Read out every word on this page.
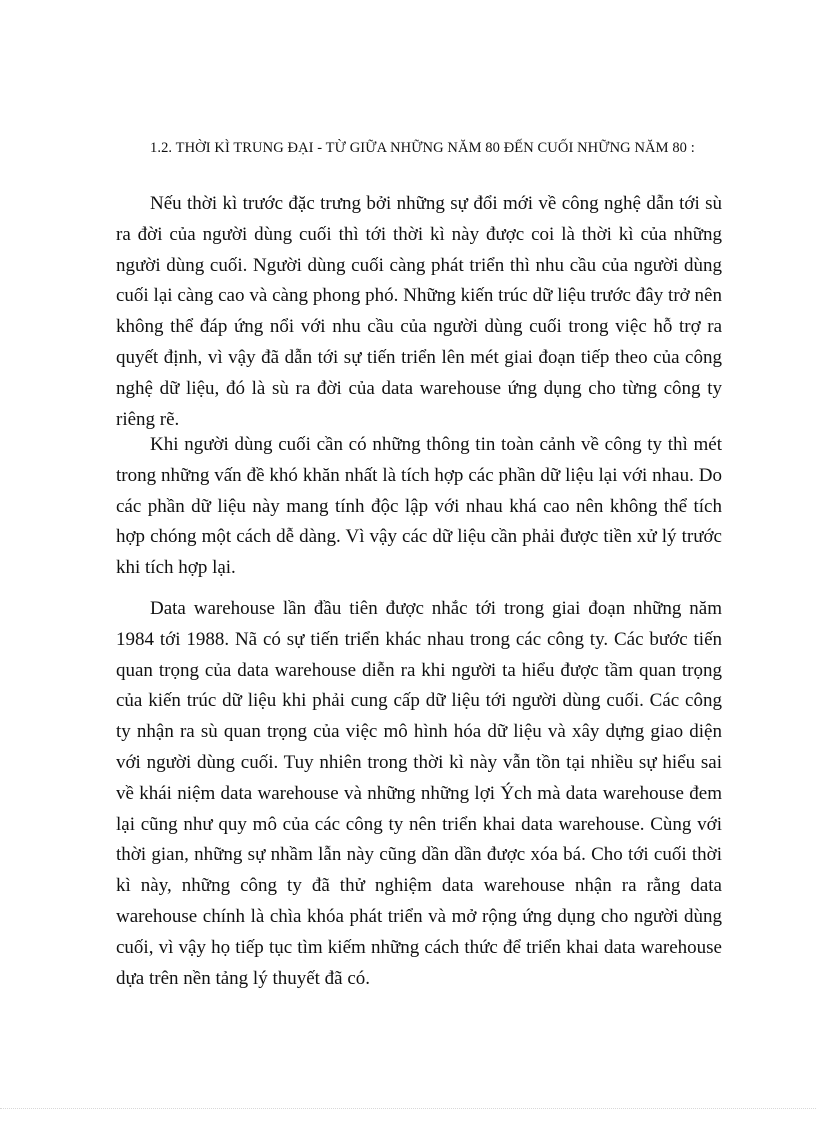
1.2. THỜI KÌ TRUNG ĐẠI - TỪ GIỮA NHỮNG NĂM 80 ĐẾN CUỐI NHỮNG NĂM 80 :

Nếu thời kì trước đặc trưng bởi những sự đổi mới về công nghệ dẫn tới sù ra đời của người dùng cuối thì tới thời kì này được coi là thời kì của những người dùng cuối. Người dùng cuối càng phát triển thì nhu cầu của người dùng cuối lại càng cao và càng phong phó. Những kiến trúc dữ liệu trước đây trở nên không thể đáp ứng nổi với nhu cầu của người dùng cuối trong việc hỗ trợ ra quyết định, vì vậy đã dẫn tới sự tiến triển lên mét giai đoạn tiếp theo của công nghệ dữ liệu, đó là sù ra đời của data warehouse ứng dụng cho từng công ty riêng rẽ.

Khi người dùng cuối cần có những thông tin toàn cảnh về công ty thì mét trong những vấn đề khó khăn nhất là tích hợp các phần dữ liệu lại với nhau. Do các phần dữ liệu này mang tính độc lập với nhau khá cao nên không thể tích hợp chóng một cách dễ dàng. Vì vậy các dữ liệu cần phải được tiền xử lý trước khi tích hợp lại.

Data warehouse lần đầu tiên được nhắc tới trong giai đoạn những năm 1984 tới 1988. Nã có sự tiến triển khác nhau trong các công ty. Các bước tiến quan trọng của data warehouse diễn ra khi người ta hiểu được tầm quan trọng của kiến trúc dữ liệu khi phải cung cấp dữ liệu tới người dùng cuối. Các công ty nhận ra sù quan trọng của việc mô hình hóa dữ liệu và xây dựng giao diện với người dùng cuối. Tuy nhiên trong thời kì này vẫn tồn tại nhiều sự hiểu sai về khái niệm data warehouse và những những lợi Ých mà data warehouse đem lại cũng như quy mô của các công ty nên triển khai data warehouse. Cùng với thời gian, những sự nhầm lẫn này cũng dần dần được xóa bá. Cho tới cuối thời kì này, những công ty đã thử nghiệm data warehouse nhận ra rằng data warehouse chính là chìa khóa phát triển và mở rộng ứng dụng cho người dùng cuối, vì vậy họ tiếp tục tìm kiếm những cách thức để triển khai data warehouse dựa trên nền tảng lý thuyết đã có.
